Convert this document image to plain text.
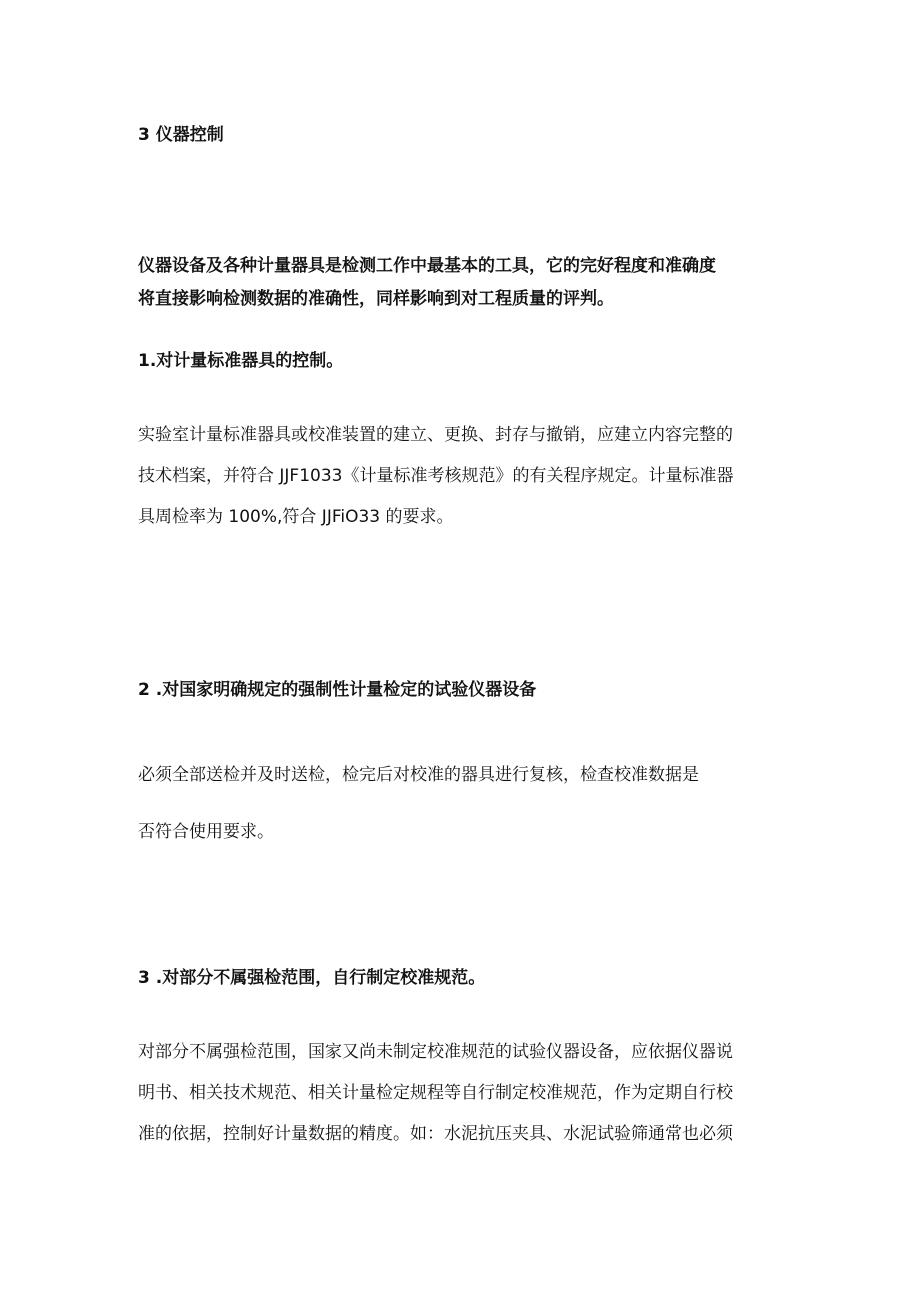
3 仪器控制
仪器设备及各种计量器具是检测工作中最基本的工具，它的完好程度和准确度
将直接影响检测数据的准确性，同样影响到对工程质量的评判。
1.对计量标准器具的控制。
实验室计量标准器具或校准装置的建立、更换、封存与撤销，应建立内容完整的
技术档案，并符合 JJF1033《计量标准考核规范》的有关程序规定。计量标准器
具周检率为 100%,符合 JJFiO33 的要求。
2 .对国家明确规定的强制性计量检定的试验仪器设备
必须全部送检并及时送检，检完后对校准的器具进行复核，检查校准数据是
否符合使用要求。
3 .对部分不属强检范围，自行制定校准规范。
对部分不属强检范围，国家又尚未制定校准规范的试验仪器设备，应依据仪器说
明书、相关技术规范、相关计量检定规程等自行制定校准规范，作为定期自行校
准的依据，控制好计量数据的精度。如：水泥抗压夹具、水泥试验筛通常也必须
